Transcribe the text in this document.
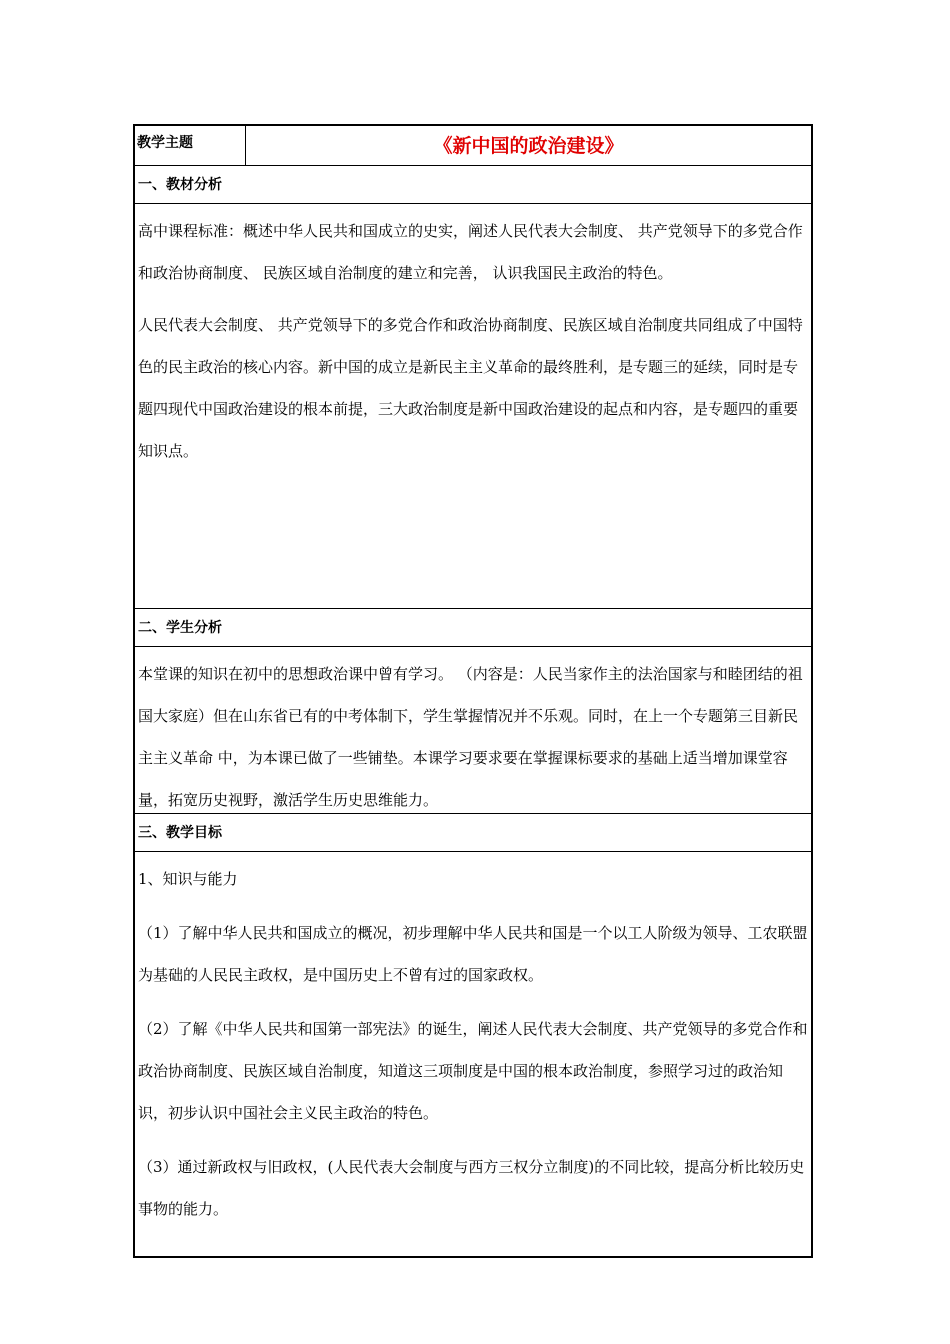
教学主题	《新中国的政治建设》
一、教材分析

高中课程标准：概述中华人民共和国成立的史实，阐述人民代表大会制度、 共产党领导下的多党合作和政治协商制度、 民族区域自治制度的建立和完善， 认识我国民主政治的特色。

人民代表大会制度、 共产党领导下的多党合作和政治协商制度、民族区域自治制度共同组成了中国特色的民主政治的核心内容。新中国的成立是新民主主义革命的最终胜利，是专题三的延续，同时是专题四现代中国政治建设的根本前提，三大政治制度是新中国政治建设的起点和内容，是专题四的重要知识点。

二、学生分析

本堂课的知识在初中的思想政治课中曾有学习。 （内容是：人民当家作主的法治国家与和睦团结的祖国大家庭）但在山东省已有的中考体制下，学生掌握情况并不乐观。同时，在上一个专题第三目新民主主义革命 中，为本课已做了一些铺垫。本课学习要求要在掌握课标要求的基础上适当增加课堂容量，拓宽历史视野，激活学生历史思维能力。

三、教学目标

1、知识与能力

（1）了解中华人民共和国成立的概况，初步理解中华人民共和国是一个以工人阶级为领导、工农联盟为基础的人民民主政权，是中国历史上不曾有过的国家政权。

（2）了解《中华人民共和国第一部宪法》的诞生，阐述人民代表大会制度、共产党领导的多党合作和政治协商制度、民族区域自治制度，知道这三项制度是中国的根本政治制度，参照学习过的政治知识，初步认识中国社会主义民主政治的特色。

（3）通过新政权与旧政权，(人民代表大会制度与西方三权分立制度)的不同比较，提高分析比较历史事物的能力。
